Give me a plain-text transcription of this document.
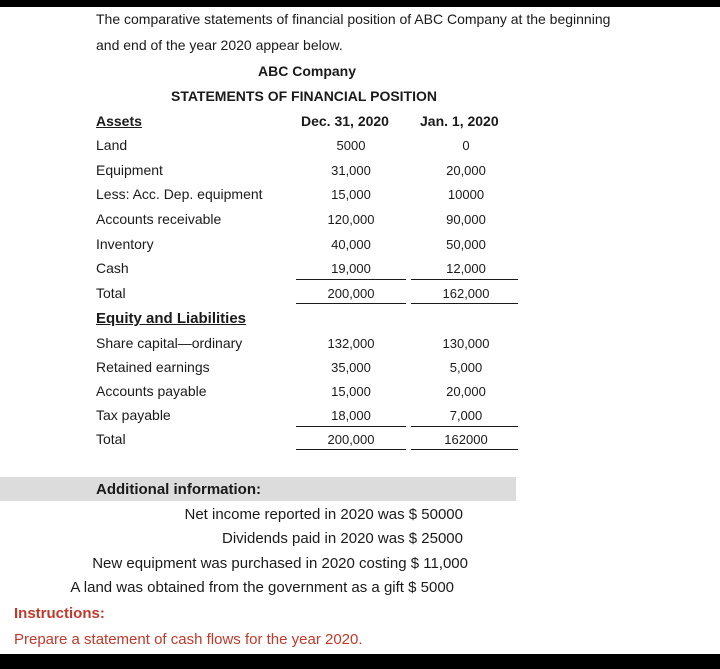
The comparative statements of financial position of ABC Company at the beginning
and end of the year 2020 appear below.
ABC Company
STATEMENTS OF FINANCIAL POSITION
Assets	Dec. 31, 2020 Jan. 1, 2020
Land	5000	0
Equipment	31,000	20,000
Less: Acc. Dep. equipment	15,000	10000
Accounts receivable	120,000	90,000
Inventory	40,000	50,000
Cash	19,000	12,000
Total	200,000	162,000
Equity and Liabilities
Share capital—ordinary	132,000	130,000
Retained earnings	35,000	5,000
Accounts payable	15,000	20,000
Tax payable	18,000	7,000
Total	200,000	162000
Additional information:
Net income reported in 2020 was $ 50000
Dividends paid in 2020 was $ 25000
New equipment was purchased in 2020 costing $ 11,000
A land was obtained from the government as a gift $ 5000
Instructions:
Prepare a statement of cash flows for the year 2020.
